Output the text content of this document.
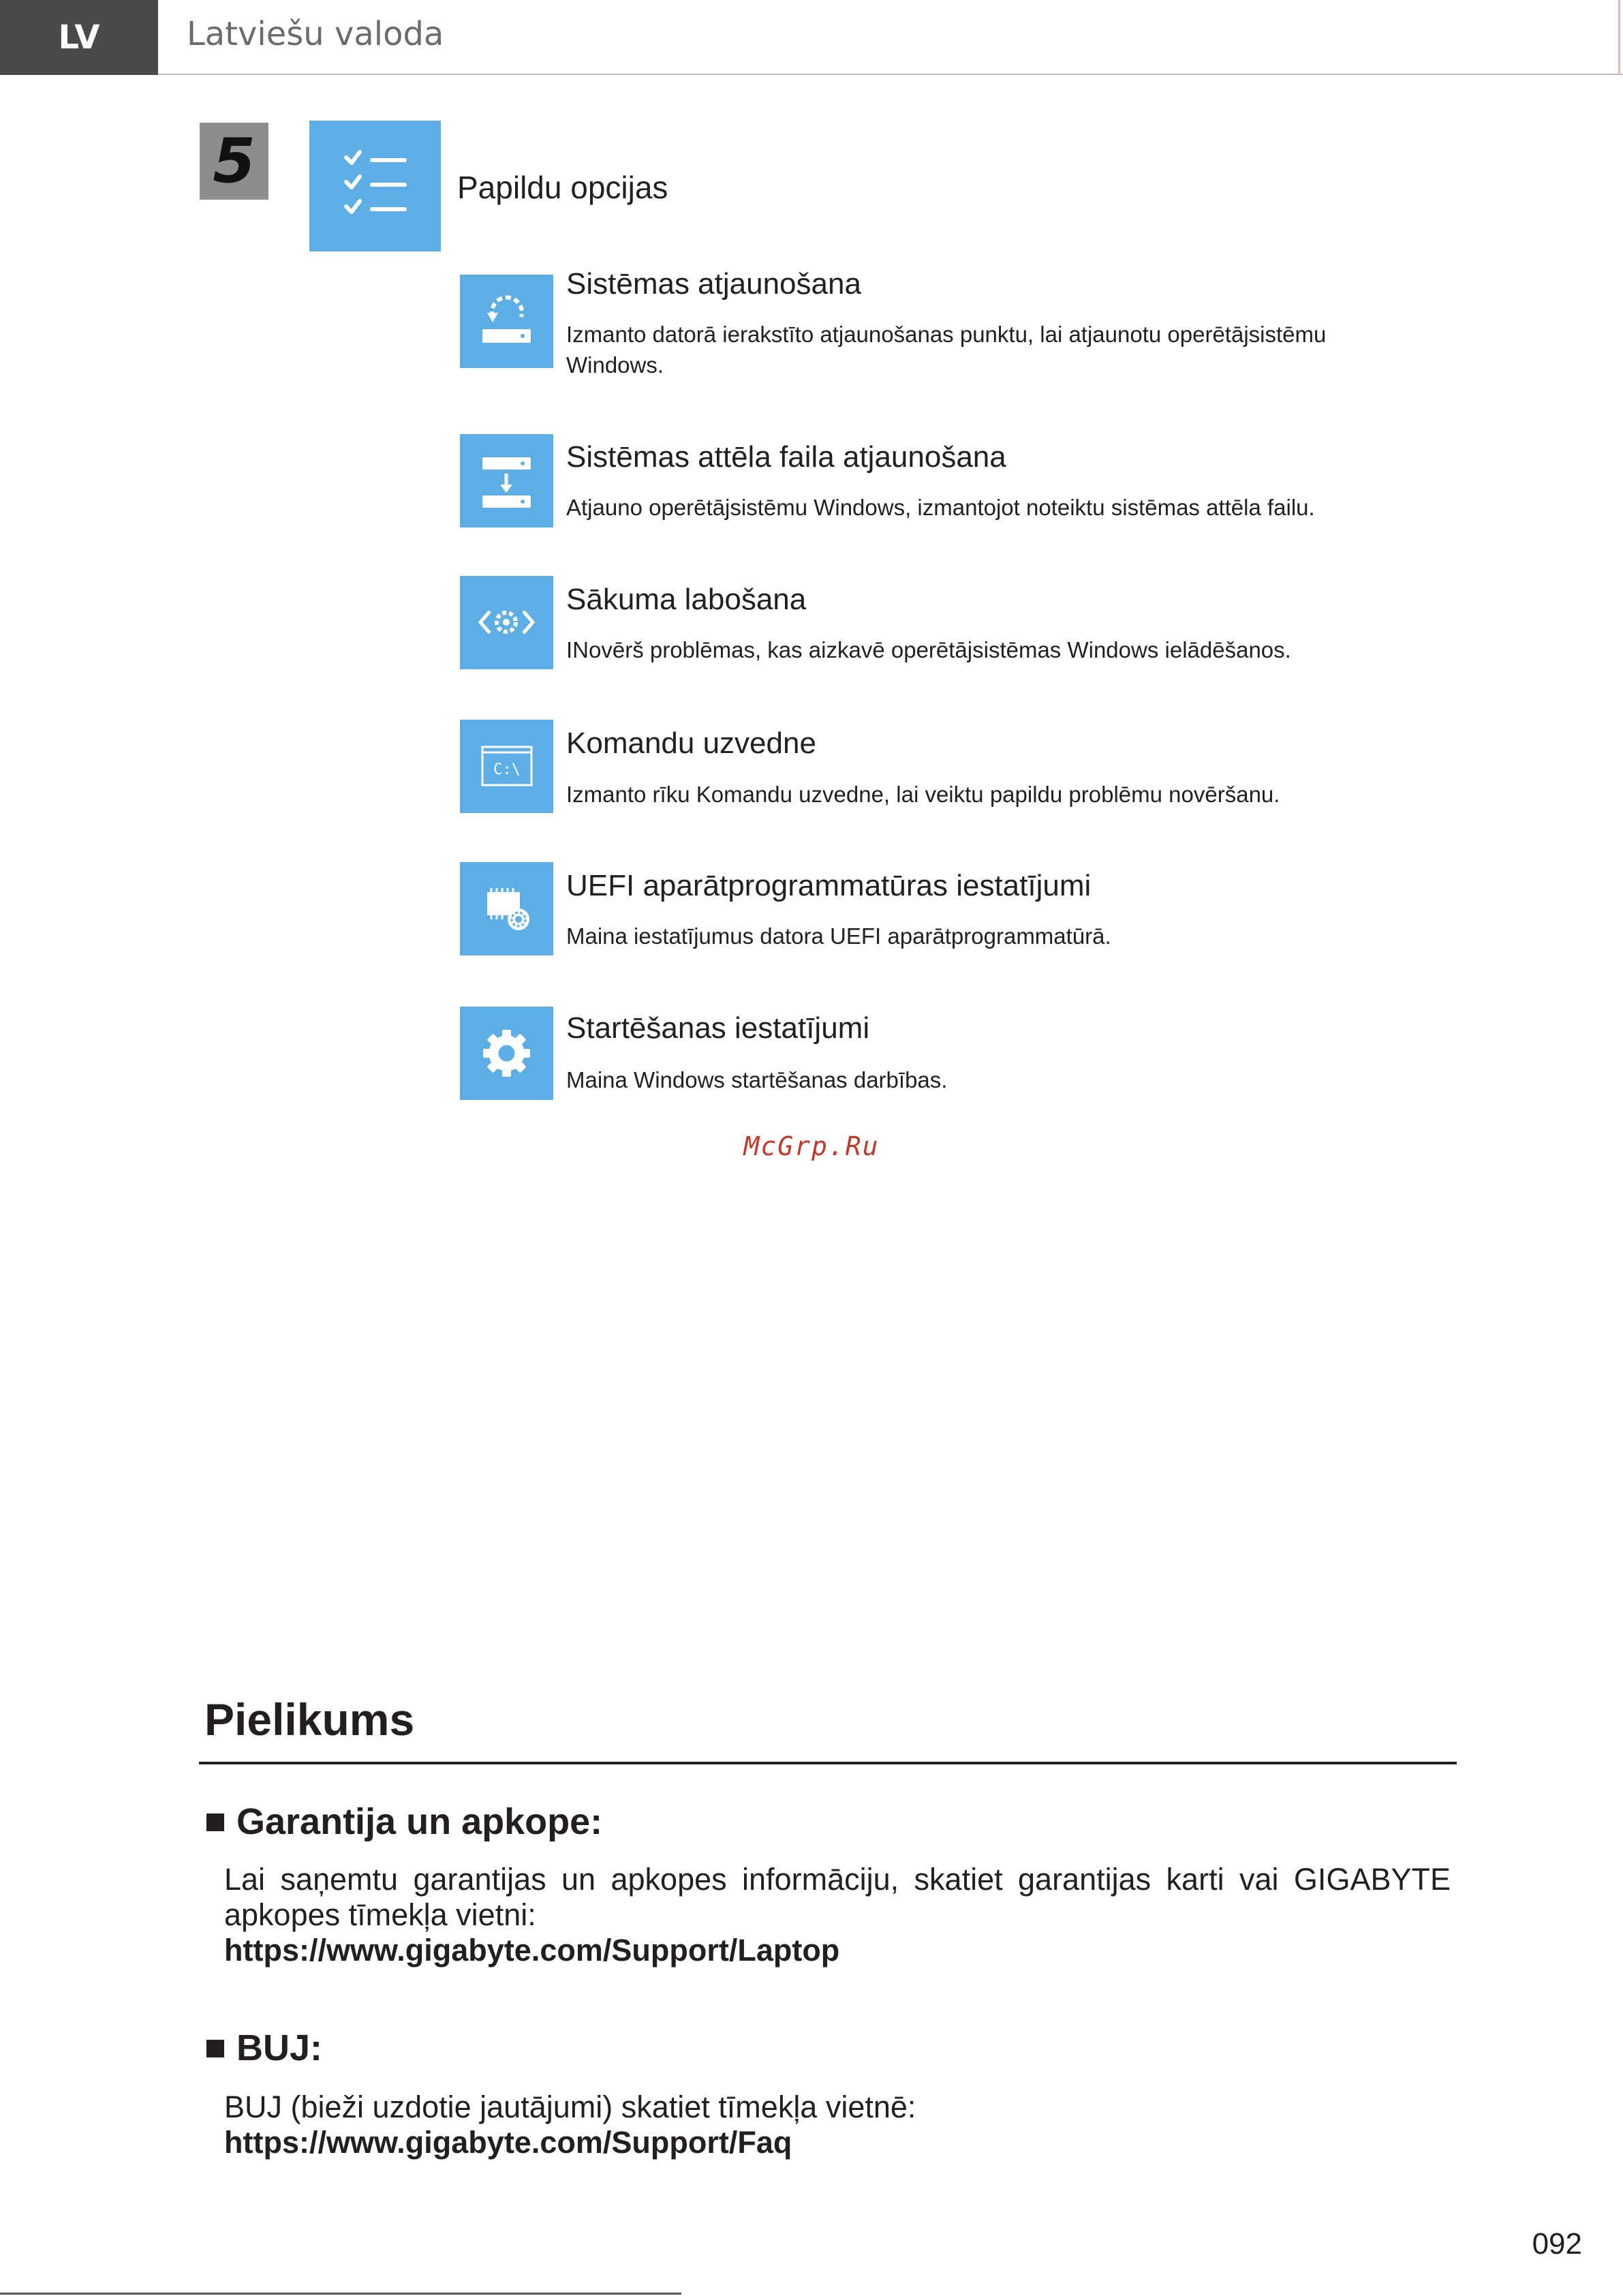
LV	Latviešu valoda
5	Papildu opcijas
Sistēmas atjaunošana
Izmanto datorā ierakstīto atjaunošanas punktu, lai atjaunotu operētājsistēmu Windows.
Sistēmas attēla faila atjaunošana
Atjauno operētājsistēmu Windows, izmantojot noteiktu sistēmas attēla failu.
Sākuma labošana
INovērš problēmas, kas aizkavē operētājsistēmas Windows ielādēšanos.
C:\
Komandu uzvedne
Izmanto rīku Komandu uzvedne, lai veiktu papildu problēmu novēršanu.
UEFI aparātprogrammatūras iestatījumi
Maina iestatījumus datora UEFI aparātprogrammatūrā.
Startēšanas iestatījumi
Maina Windows startēšanas darbības.
McGrp.Ru
Pielikums
Garantija un apkope:
Lai saņemtu garantijas un apkopes informāciju, skatiet garantijas karti vai GIGABYTE apkopes tīmekļa vietni:
https://www.gigabyte.com/Support/Laptop
BUJ:
BUJ (bieži uzdotie jautājumi) skatiet tīmekļa vietnē:
https://www.gigabyte.com/Support/Faq
092
